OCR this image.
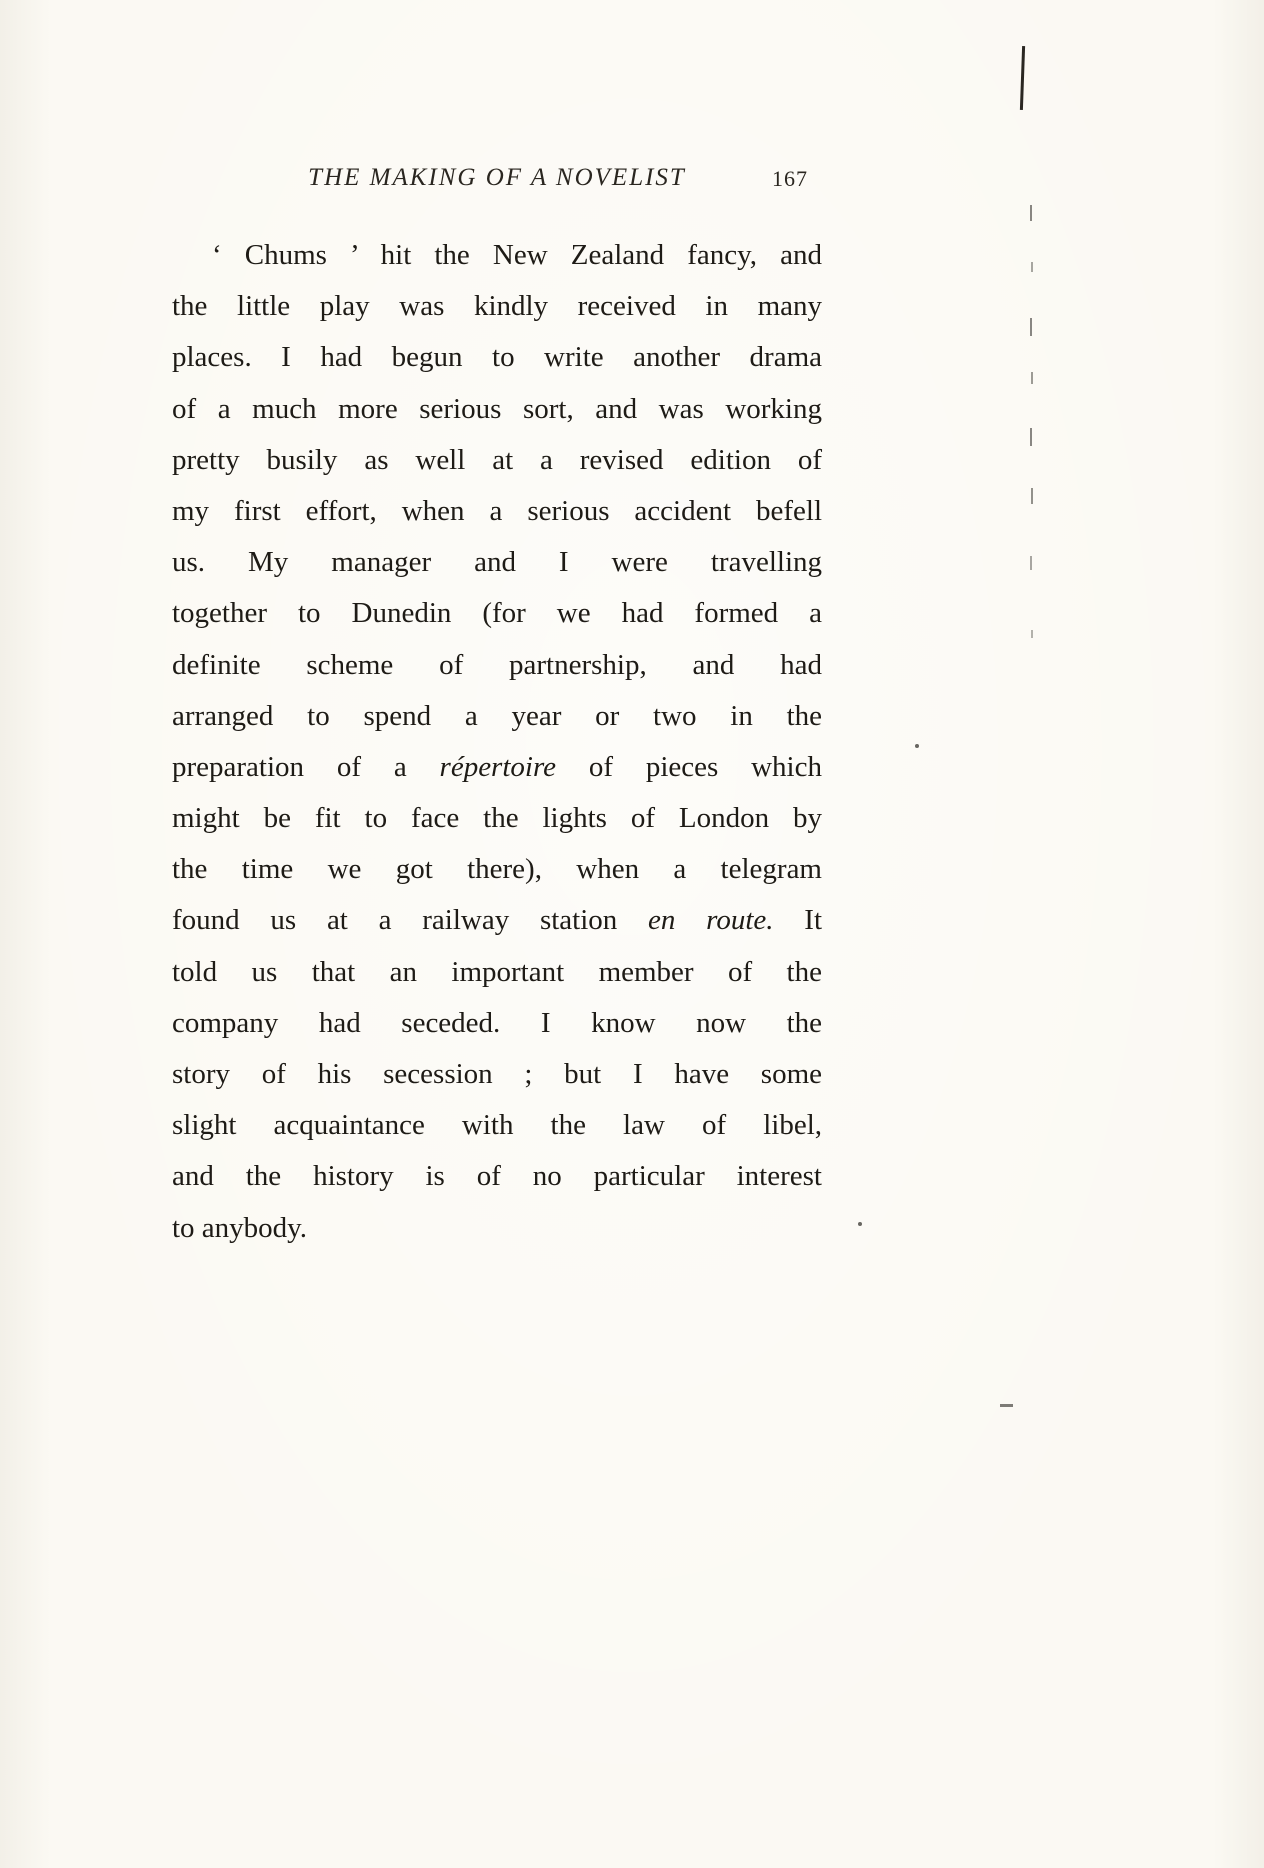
THE MAKING OF A NOVELIST	167
‘ Chums ’ hit the New Zealand fancy, and
the little play was kindly received in many
places. I had begun to write another drama
of a much more serious sort, and was working
pretty busily as well at a revised edition of
my first effort, when a serious accident befell
us. My manager and I were travelling
together to Dunedin (for we had formed a
definite scheme of partnership, and had
arranged to spend a year or two in the
preparation of a répertoire of pieces which
might be fit to face the lights of London by
the time we got there), when a telegram
found us at a railway station en route. It
told us that an important member of the
company had seceded. I know now the
story of his secession ; but I have some
slight acquaintance with the law of libel,
and the history is of no particular interest
to anybody.
